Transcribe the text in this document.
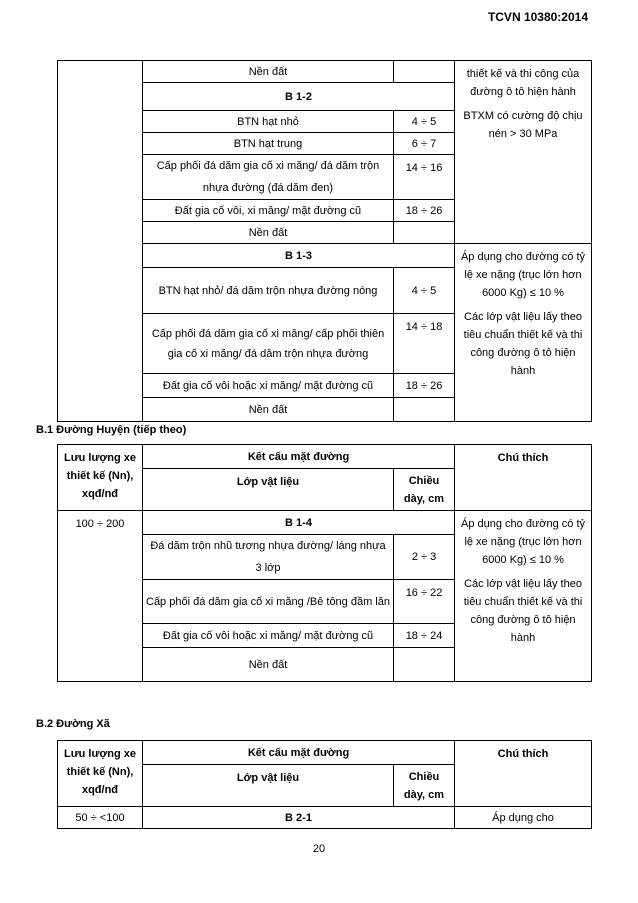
TCVN 10380:2014
	Nền đất		thiết kế và thi công của đường ô tô hiện hành

BTXM có cường độ chịu nén > 30 MPa

	B 1-2		
	BTN hạt nhỏ	4 ÷ 5	
	BTN hạt trung	6 ÷ 7	
	Cấp phối đá dăm gia cố xi măng/ đá dăm trộn nhựa đường (đá dăm đen)	14 ÷ 16	
	Đất gia cố vôi, xi măng/ mặt đường cũ	18 ÷ 26	
	Nền đất		
	B 1-3		Áp dụng cho đường có tỷ lệ xe nặng (trục lớn hơn 6000 Kg) ≤ 10 %

Các lớp vật liệu lấy theo tiêu chuẩn thiết kế và thi công đường ô tô hiện hành

	BTN hạt nhỏ/ đá dăm trộn nhựa đường nóng	4 ÷ 5	
	Cấp phối đá dăm gia cố xi măng/ cấp phối thiên gia cố xi măng/ đá dăm trộn nhựa đường	14 ÷ 18	
	Đất gia cố vôi hoặc xi măng/ mặt đường cũ	18 ÷ 26	
	Nền đất		
B.1 Đường Huyện (tiếp theo)
Lưu lượng xe thiết kế (Nn), xqđ/nđ	Kết cấu mặt đường		Chú thích
	Lớp vật liệu	Chiều dày, cm	
100 ÷ 200	B 1-4		Áp dụng cho đường có tỷ lệ xe nặng (trục lớn hơn 6000 Kg) ≤ 10 %

Các lớp vật liệu lấy theo tiêu chuẩn thiết kế và thi công đường ô tô hiện hành

	Đá dăm trộn nhũ tương nhựa đường/ láng nhựa 3 lớp	2 ÷ 3	
	Cấp phối đá dăm gia cố xi măng /Bê tông đầm lăn	16 ÷ 22	
	Đất gia cố vôi hoặc xi măng/ mặt đường cũ	18 ÷ 24	
	Nền đất		
B.2 Đường Xã
Lưu lượng xe thiết kế (Nn), xqđ/nđ	Kết cấu mặt đường		Chú thích
	Lớp vật liệu	Chiều dày, cm	
50 ÷ <100	B 2-1		Áp dụng cho
20
